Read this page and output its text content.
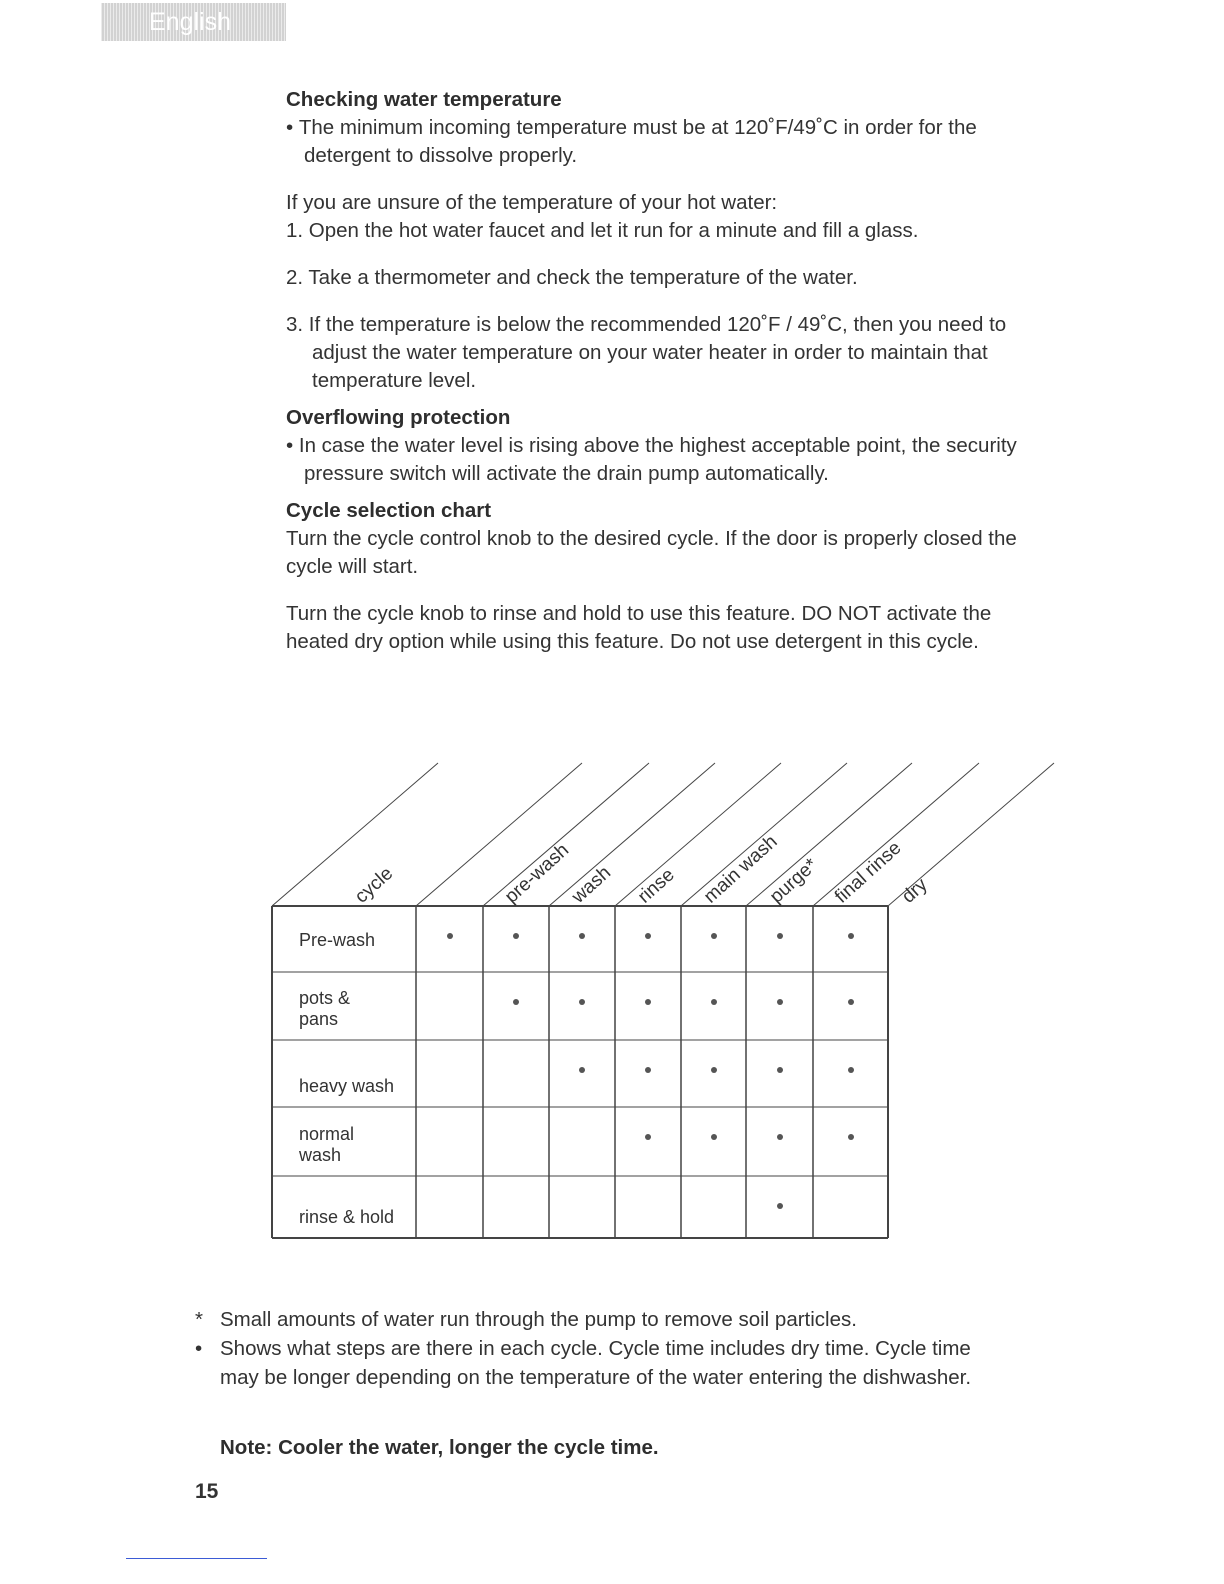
English
Checking water temperature

• The minimum incoming temperature must be at 120˚F/49˚C in order for the detergent to dissolve properly.

If you are unsure of the temperature of your hot water:

1. Open the hot water faucet and let it run for a minute and fill a glass.

2. Take a thermometer and check the temperature of the water.

3. If the temperature is below the recommended 120˚F / 49˚C, then you need to adjust the water temperature on your water heater in order to maintain that temperature level.

Overflowing protection

• In case the water level is rising above the highest acceptable point, the security pressure switch will activate the drain pump automatically.

Cycle selection chart

Turn the cycle control knob to the desired cycle. If the door is properly closed the cycle will start.

Turn the cycle knob to rinse and hold to use this feature. DO NOT activate the heated dry option while using this feature. Do not use detergent in this cycle.

cycle	pre-wash
wash rinse main wash
purge* final rinse
dry
Pre-wash
pots & pans
heavy wash
normal wash
rinse & hold
* Small amounts of water run through the pump to remove soil particles.
• Shows what steps are there in each cycle. Cycle time includes dry time. Cycle time may be longer depending on the temperature of the water entering the dishwasher.
Note: Cooler the water, longer the cycle time.
15
